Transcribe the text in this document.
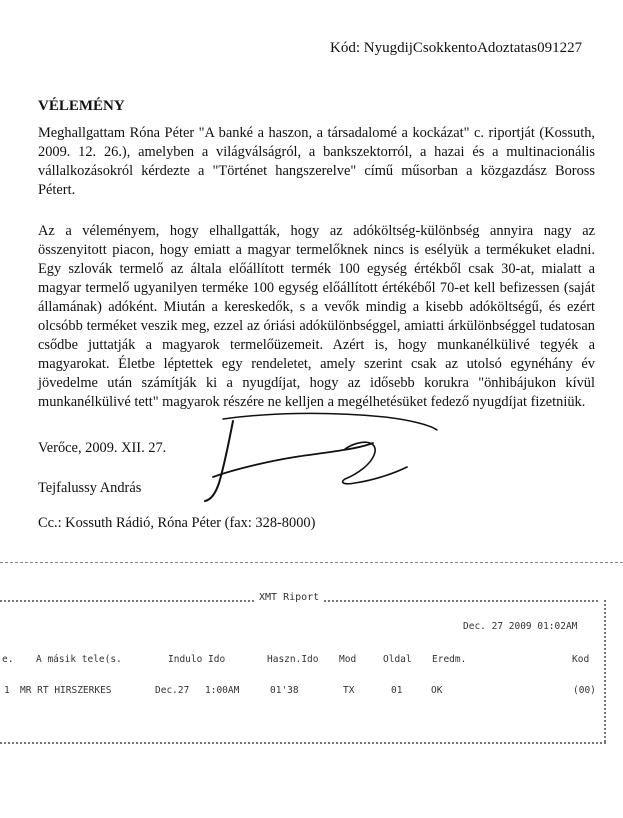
Kód: NyugdijCsokkentoAdoztatas091227
VÉLEMÉNY

Meghallgattam Róna Péter "A banké a haszon, a társadalomé a kockázat" c. riportját (Kossuth, 2009. 12. 26.), amelyben a világválságról, a bankszektorról, a hazai és a multinacionális vállalkozásokról kérdezte a "Történet hangszerelve" című műsorban a közgazdász Boross Pétert.

Az a véleményem, hogy elhallgatták, hogy az adóköltség-különbség annyira nagy az összenyitott piacon, hogy emiatt a magyar termelőknek nincs is esélyük a termékuket eladni. Egy szlovák termelő az általa előállított termék 100 egység értékből csak 30-at, mialatt a magyar termelő ugyanilyen terméke 100 egység előállított értékéből 70-et kell befizessen (saját államának) adóként. Miután a kereskedők, s a vevők mindig a kisebb adóköltségű, és ezért olcsóbb terméket veszik meg, ezzel az óriási adókülönbséggel, amiatti árkülönbséggel tudatosan csődbe juttatják a magyarok termelőüzemeit. Azért is, hogy munkanélkülivé tegyék a magyarokat. Életbe léptettek egy rendeletet, amely szerint csak az utolsó egynéhány év jövedelme után számítják ki a nyugdíjat, hogy az idősebb korukra "önhibájukon kívül munkanélkülivé tett" magyarok részére ne kelljen a megélhetésüket fedező nyugdíjat fizetniük.

Verőce, 2009. XII. 27.
Tejfalussy András
Cc.: Kossuth Rádió, Róna Péter (fax: 328-8000)
XMT Riport
Dec. 27 2009 01:02AM
e. A másik tele(s.	Indulo Ido	Haszn.Ido Mod	Oldal Eredm.	Kod
1 MR RT HIRSZERKES	Dec.27 1:00AM	01'38	TX	01	OK	(00)
